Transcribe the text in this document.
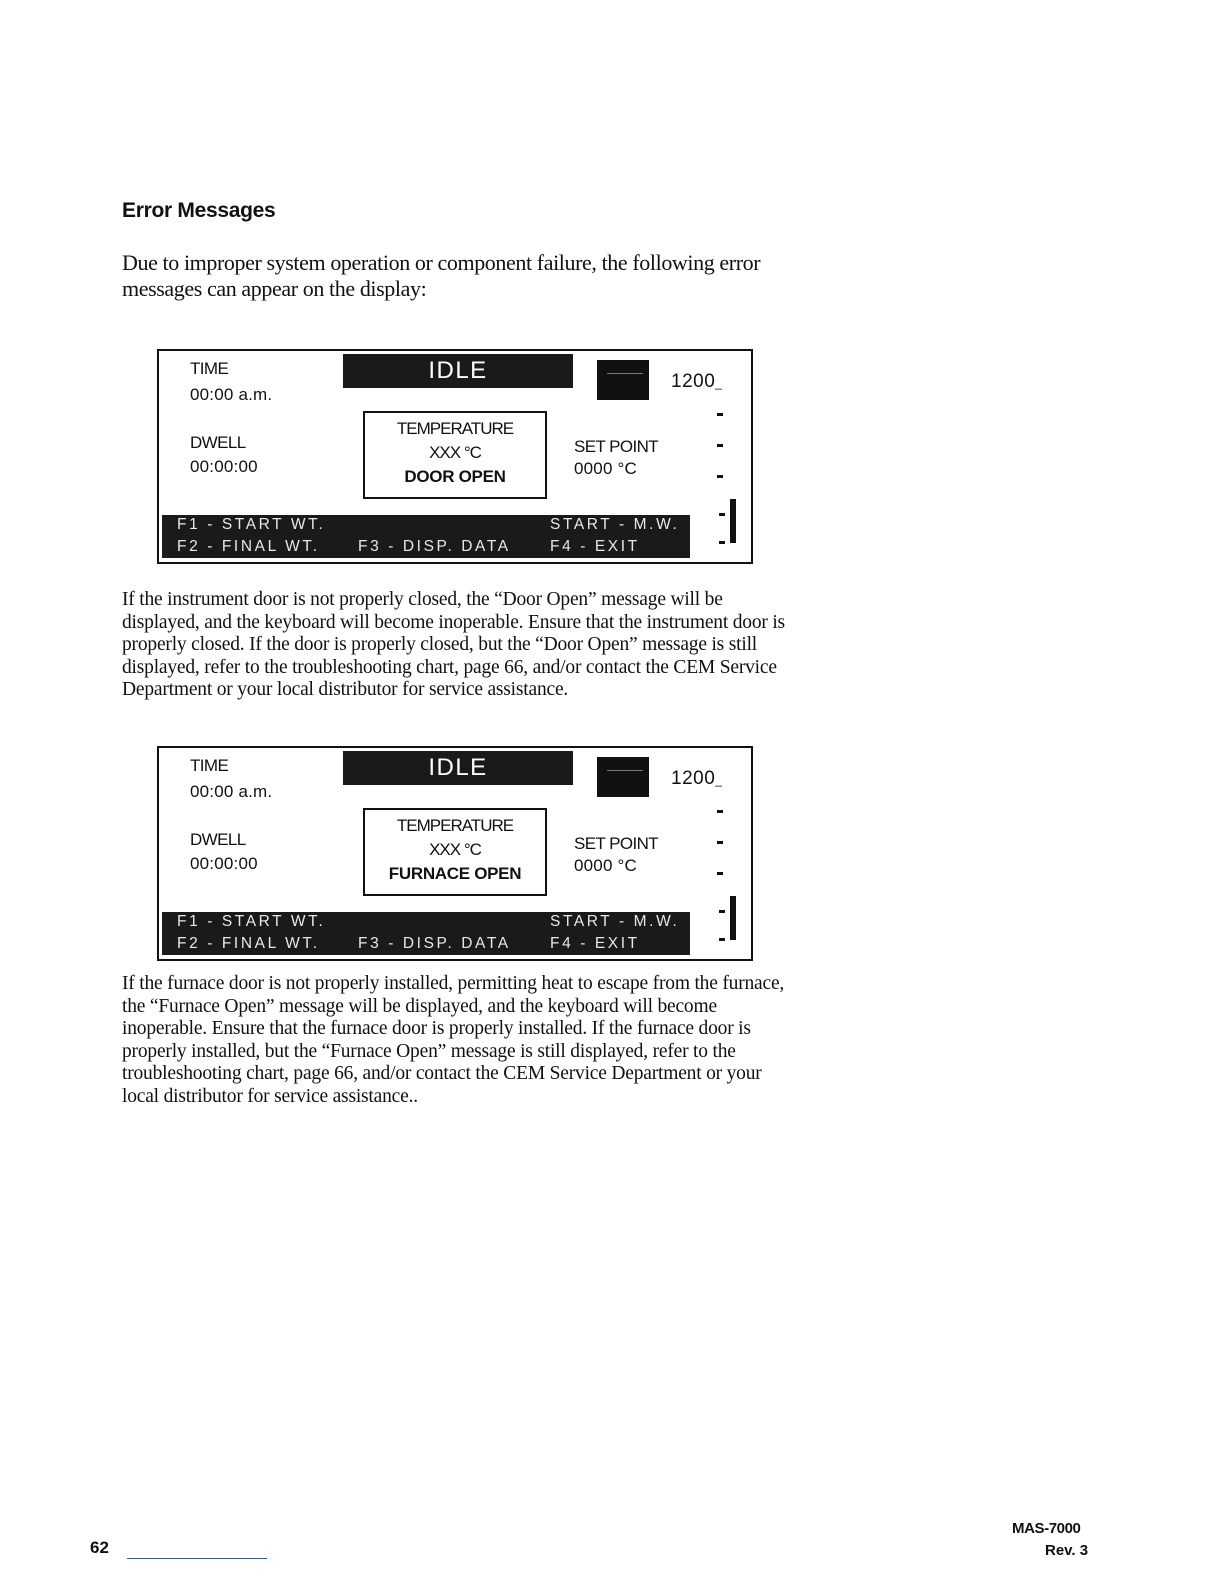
Error Messages

Due to improper system operation or component failure, the following error messages can appear on the display:

TIME
00:00 a.m.
IDLE	1200_
DWELL
00:00:00
TEMPERATURE
XXX °C
DOOR OPEN
SET POINT
0000 °C
F1 - START WT.
F2 - FINAL WT. F3 - DISP. DATA
START - M.W.
F4 - EXIT

If the instrument door is not properly closed, the “Door Open” message will be displayed, and the keyboard will become inoperable. Ensure that the instrument door is properly closed. If the door is properly closed, but the “Door Open” message is still displayed, refer to the troubleshooting chart, page 66, and/or contact the CEM Service Department or your local distributor for service assistance.

TIME
00:00 a.m.
IDLE	1200_
DWELL
00:00:00
TEMPERATURE
XXX °C
FURNACE OPEN
SET POINT
0000 °C
F1 - START WT.
F2 - FINAL WT. F3 - DISP. DATA
START - M.W.
F4 - EXIT

If the furnace door is not properly installed, permitting heat to escape from the furnace, the “Furnace Open” message will be displayed, and the keyboard will become inoperable. Ensure that the furnace door is properly installed. If the furnace door is properly installed, but the “Furnace Open” message is still displayed, refer to the troubleshooting chart, page 66, and/or contact the CEM Service Department or your local distributor for service assistance..

62

MAS-7000

Rev. 3
